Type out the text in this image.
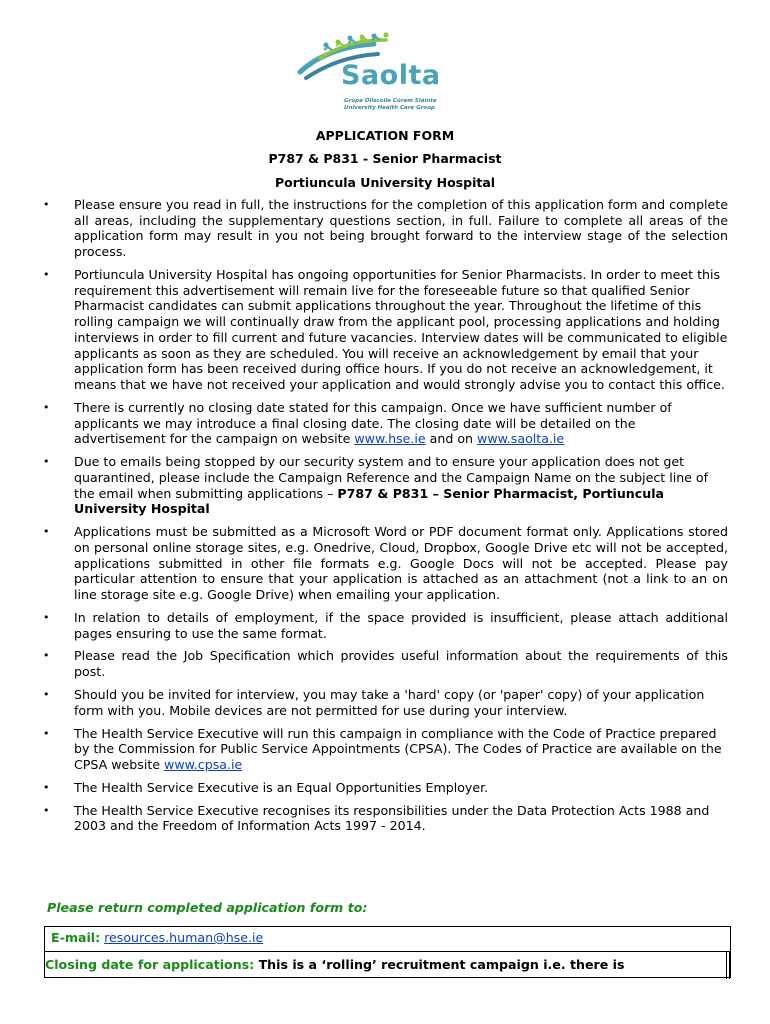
Saolta
Grúpa Ollscoile Cúram Sláinte
University Health Care Group
APPLICATION FORM
P787 & P831 - Senior Pharmacist
Portiuncula University Hospital
• Please ensure you read in full, the instructions for the completion of this application form and complete all areas, including the supplementary questions section, in full. Failure to complete all areas of the application form may result in you not being brought forward to the interview stage of the selection process.
• Portiuncula University Hospital has ongoing opportunities for Senior Pharmacists. In order to meet this requirement this advertisement will remain live for the foreseeable future so that qualified Senior Pharmacist candidates can submit applications throughout the year. Throughout the lifetime of this rolling campaign we will continually draw from the applicant pool, processing applications and holding interviews in order to fill current and future vacancies. Interview dates will be communicated to eligible applicants as soon as they are scheduled. You will receive an acknowledgement by email that your application form has been received during office hours. If you do not receive an acknowledgement, it means that we have not received your application and would strongly advise you to contact this office.
• There is currently no closing date stated for this campaign. Once we have sufficient number of applicants we may introduce a final closing date. The closing date will be detailed on the advertisement for the campaign on website www.hse.ie and on www.saolta.ie
• Due to emails being stopped by our security system and to ensure your application does not get quarantined, please include the Campaign Reference and the Campaign Name on the subject line of the email when submitting applications – P787 & P831 – Senior Pharmacist, Portiuncula University Hospital
• Applications must be submitted as a Microsoft Word or PDF document format only. Applications stored on personal online storage sites, e.g. Onedrive, Cloud, Dropbox, Google Drive etc will not be accepted, applications submitted in other file formats e.g. Google Docs will not be accepted. Please pay particular attention to ensure that your application is attached as an attachment (not a link to an on line storage site e.g. Google Drive) when emailing your application.
• In relation to details of employment, if the space provided is insufficient, please attach additional pages ensuring to use the same format.
• Please read the Job Specification which provides useful information about the requirements of this post.
• Should you be invited for interview, you may take a 'hard' copy (or 'paper' copy) of your application form with you. Mobile devices are not permitted for use during your interview.
• The Health Service Executive will run this campaign in compliance with the Code of Practice prepared by the Commission for Public Service Appointments (CPSA). The Codes of Practice are available on the CPSA website www.cpsa.ie
• The Health Service Executive is an Equal Opportunities Employer.
• The Health Service Executive recognises its responsibilities under the Data Protection Acts 1988 and 2003 and the Freedom of Information Acts 1997 - 2014.
Please return completed application form to:
E-mail: resources.human@hse.ie
Closing date for applications: This is a ‘rolling’ recruitment campaign i.e. there is
